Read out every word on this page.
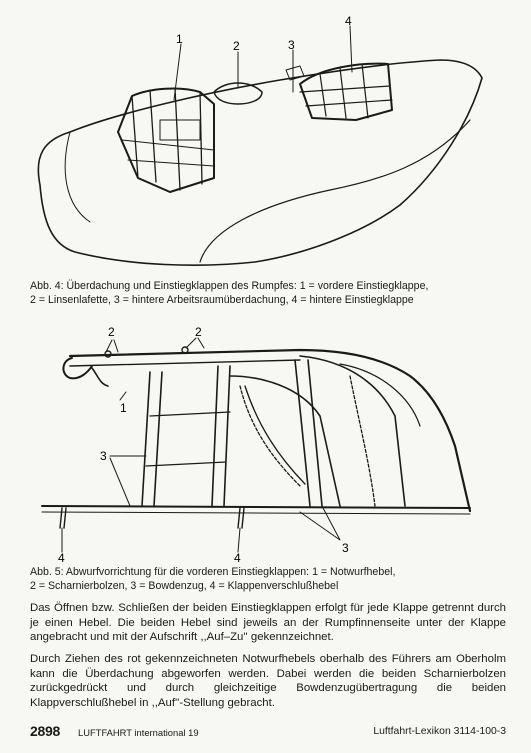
1	2	3
4

Abb. 4: Überdachung und Einstiegklappen des Rumpfes: 1 = vordere Einstiegklappe,
2 = Linsenlafette, 3 = hintere Arbeitsraumüberdachung, 4 = hintere Einstiegklappe

2	2
1
3
4	4
3

Abb. 5: Abwurfvorrichtung für die vorderen Einstiegklappen: 1 = Notwurfhebel,
2 = Scharnierbolzen, 3 = Bowdenzug, 4 = Klappenverschlußhebel

Das Öffnen bzw. Schließen der beiden Einstiegklappen erfolgt für jede Klappe getrennt durch je einen Hebel. Die beiden Hebel sind jeweils an der Rumpfinnenseite unter der Klappe angebracht und mit der Aufschrift ,,Auf–Zu'' gekennzeichnet.

Durch Ziehen des rot gekennzeichneten Notwurfhebels oberhalb des Führers am Oberholm kann die Überdachung abgeworfen werden. Dabei werden die beiden Scharnierbolzen zurückgedrückt und durch gleichzeitige Bowdenzugübertragung die beiden Klappverschlußhebel in ,,Auf''-Stellung gebracht.

2898 LUFTFAHRT international 19	Luftfahrt-Lexikon 3114-100-3
